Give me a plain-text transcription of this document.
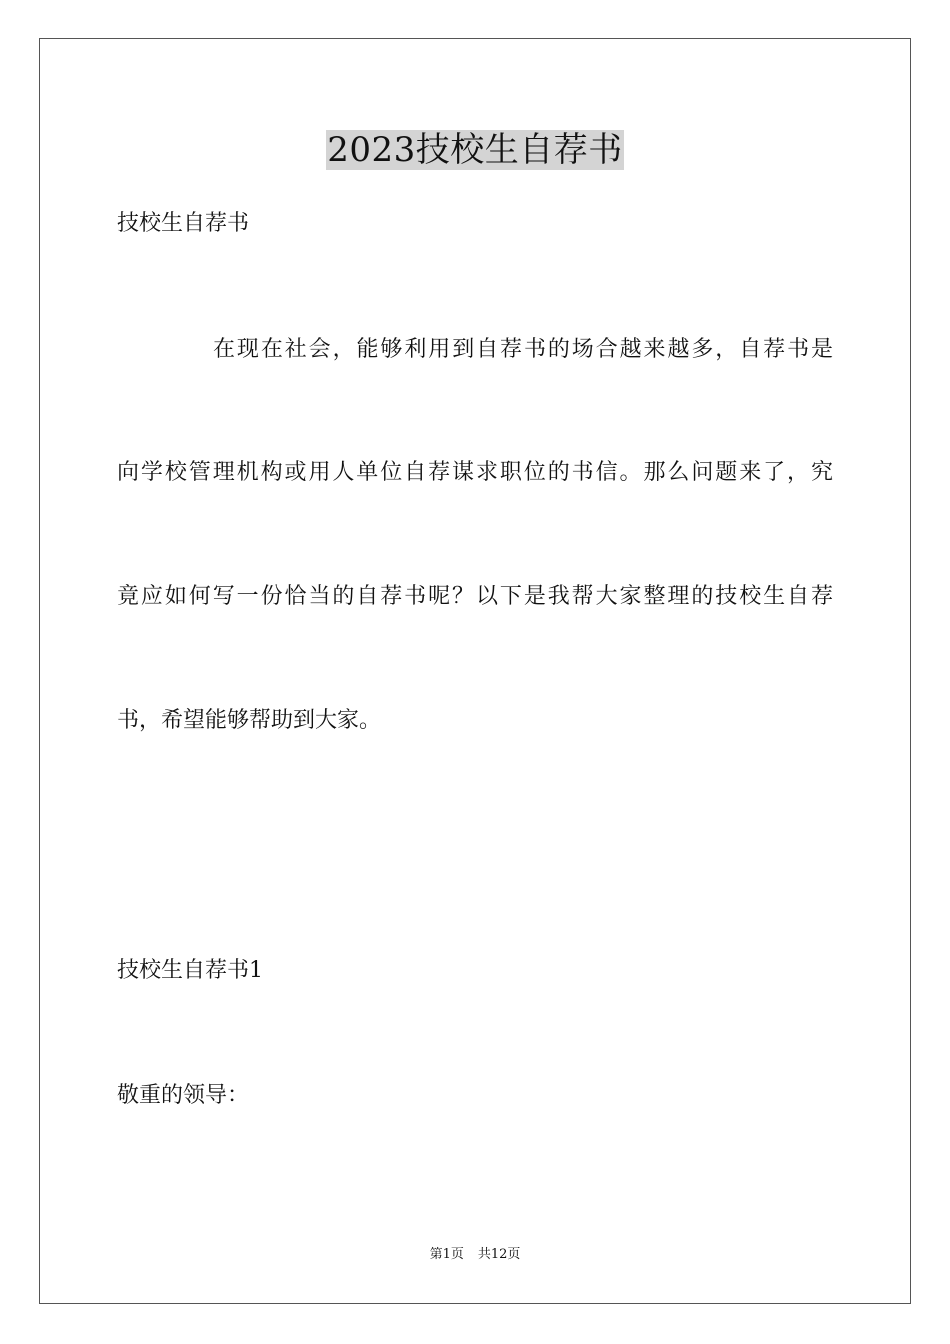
2023技校生自荐书
技校生自荐书
在现在社会，能够利用到自荐书的场合越来越多，自荐书是
向学校管理机构或用人单位自荐谋求职位的书信。那么问题来了，究
竟应如何写一份恰当的自荐书呢？以下是我帮大家整理的技校生自荐
书，希望能够帮助到大家。
技校生自荐书1
敬重的领导：
第1页 共12页
